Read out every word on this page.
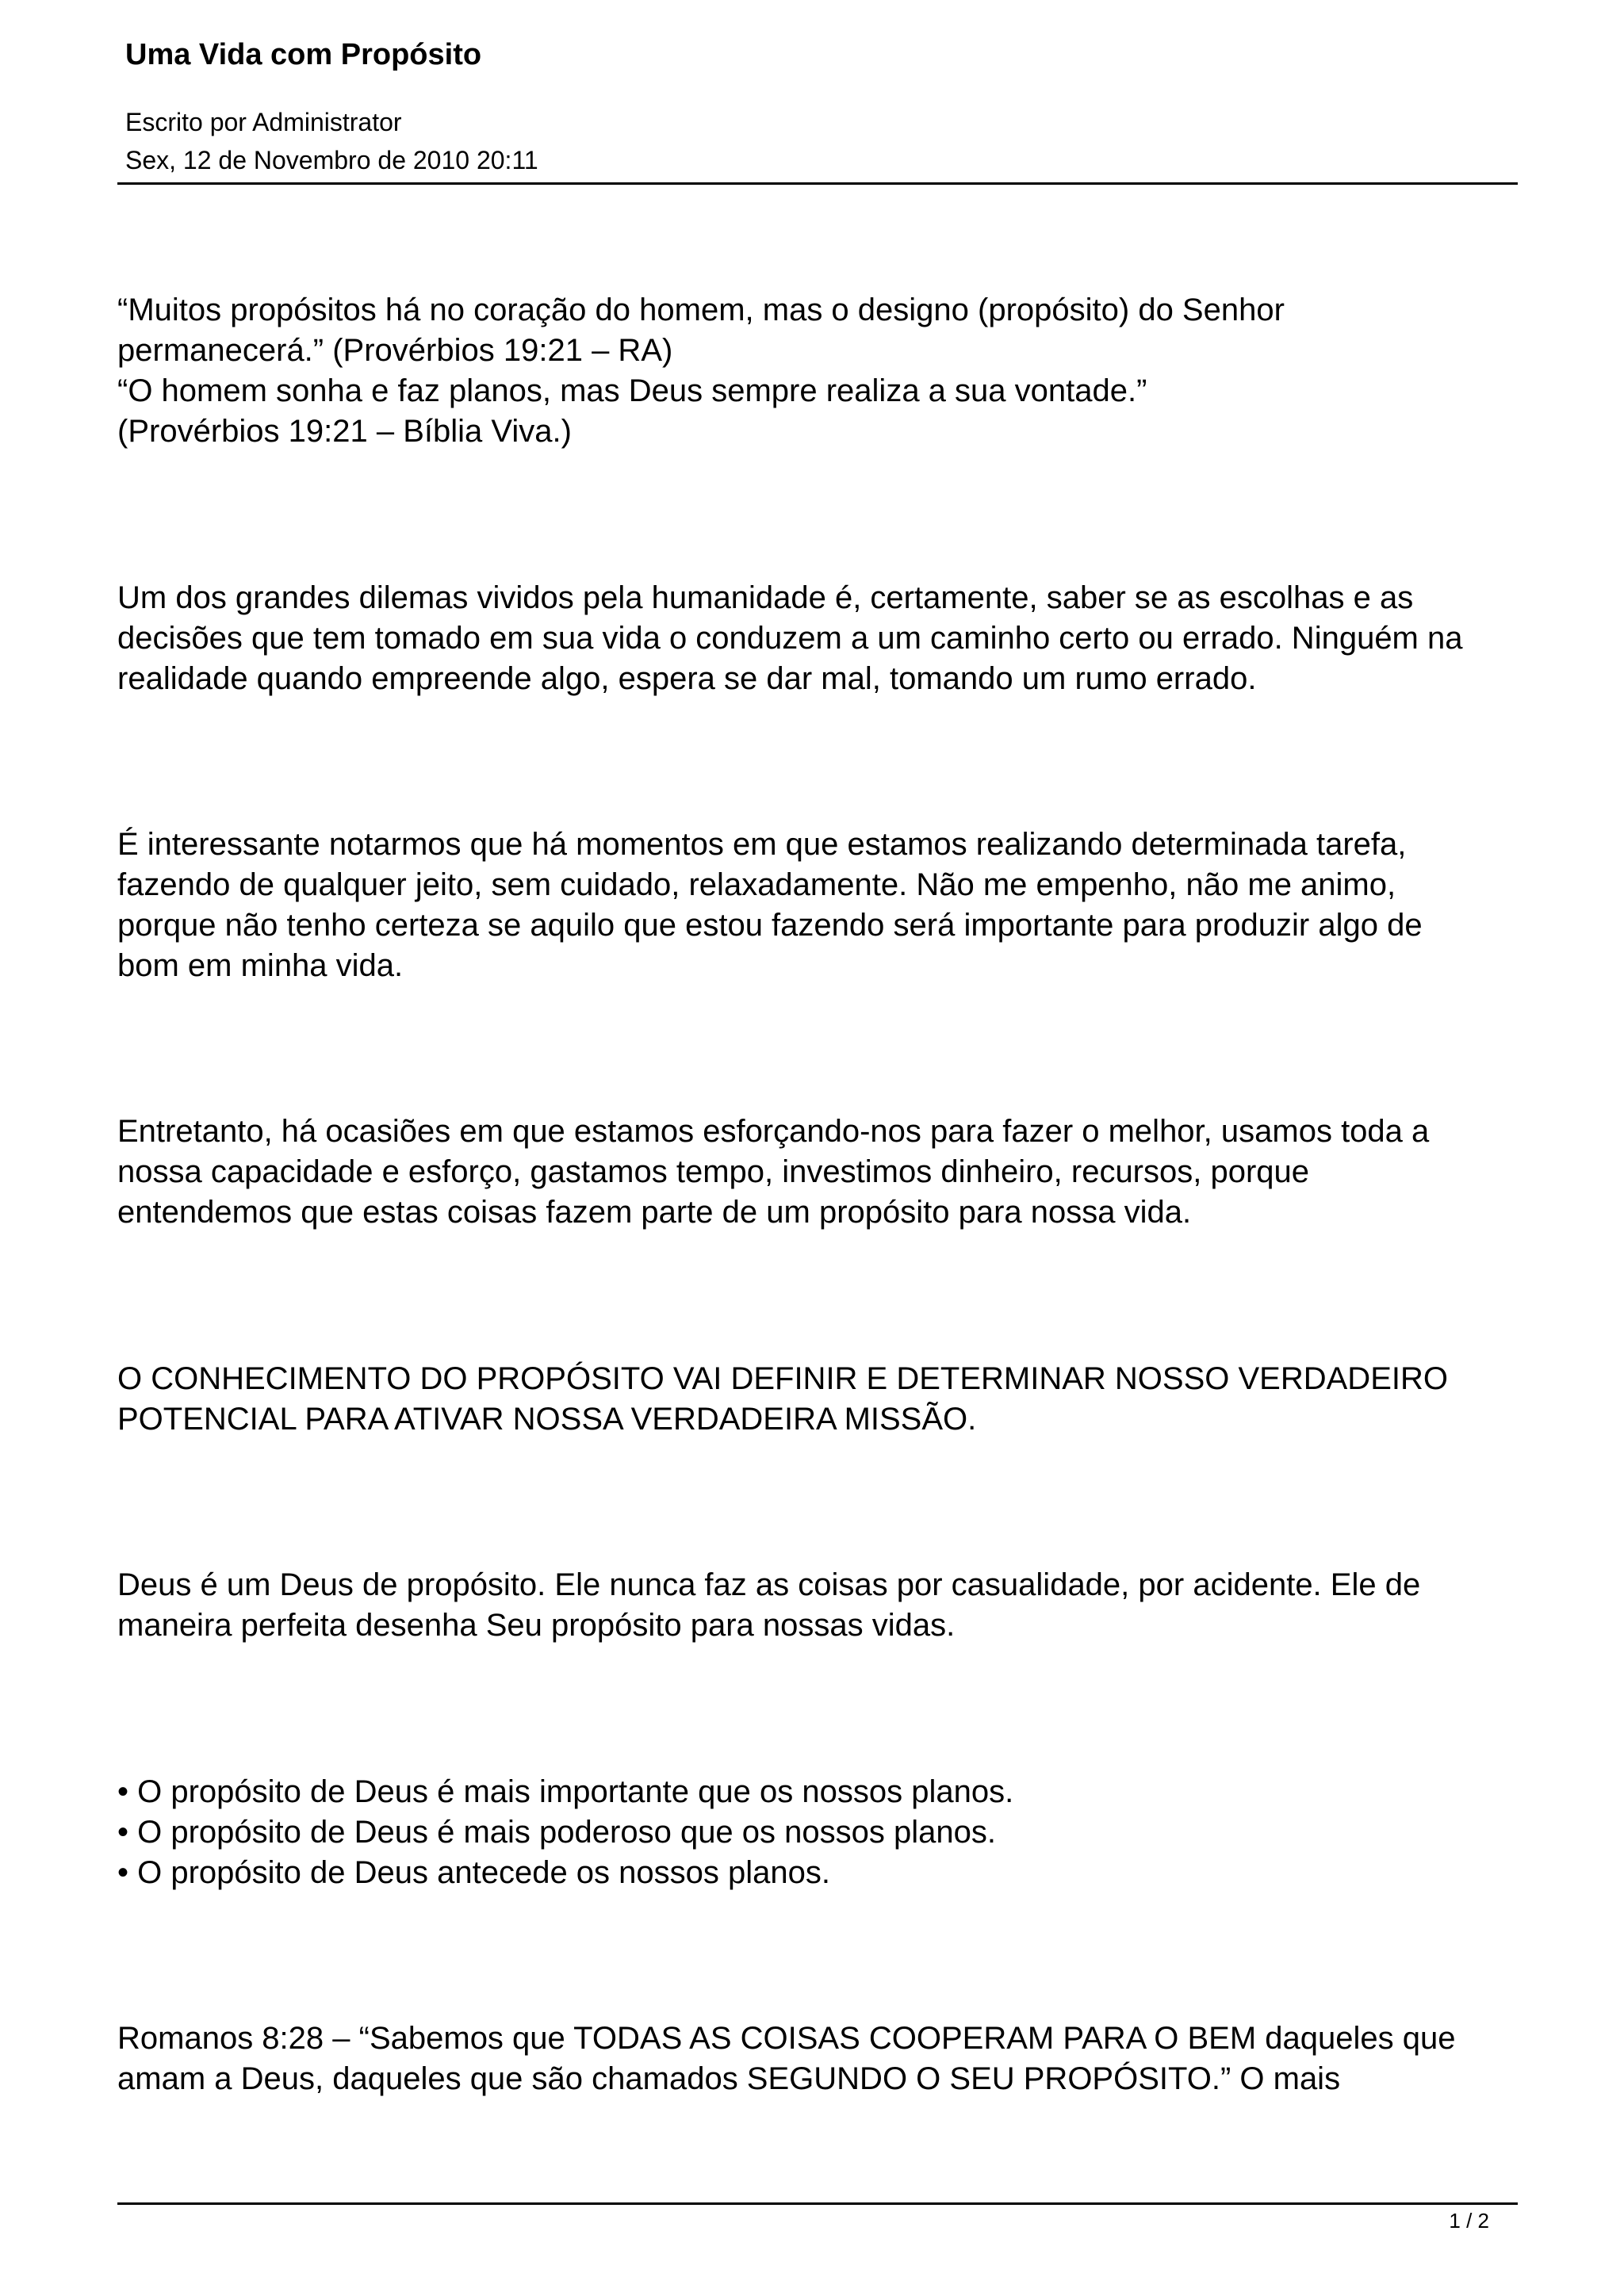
Uma Vida com Propósito
Escrito por Administrator
Sex, 12 de Novembro de 2010 20:11
“Muitos propósitos há no coração do homem, mas o designo (propósito) do Senhor
permanecerá.” (Provérbios 19:21 – RA)
“O homem sonha e faz planos, mas Deus sempre realiza a sua vontade.”
(Provérbios 19:21 – Bíblia Viva.)
Um dos grandes dilemas vividos pela humanidade é, certamente, saber se as escolhas e as
decisões que tem tomado em sua vida o conduzem a um caminho certo ou errado. Ninguém na
realidade quando empreende algo, espera se dar mal, tomando um rumo errado.
É interessante notarmos que há momentos em que estamos realizando determinada tarefa,
fazendo de qualquer jeito, sem cuidado, relaxadamente. Não me empenho, não me animo,
porque não tenho certeza se aquilo que estou fazendo será importante para produzir algo de
bom em minha vida.
Entretanto, há ocasiões em que estamos esforçando-nos para fazer o melhor, usamos toda a
nossa capacidade e esforço, gastamos tempo, investimos dinheiro, recursos, porque
entendemos que estas coisas fazem parte de um propósito para nossa vida.
O CONHECIMENTO DO PROPÓSITO VAI DEFINIR E DETERMINAR NOSSO VERDADEIRO
POTENCIAL PARA ATIVAR NOSSA VERDADEIRA MISSÃO.
Deus é um Deus de propósito. Ele nunca faz as coisas por casualidade, por acidente. Ele de
maneira perfeita desenha Seu propósito para nossas vidas.
• O propósito de Deus é mais importante que os nossos planos.
• O propósito de Deus é mais poderoso que os nossos planos.
• O propósito de Deus antecede os nossos planos.
Romanos 8:28 – “Sabemos que TODAS AS COISAS COOPERAM PARA O BEM daqueles que
amam a Deus, daqueles que são chamados SEGUNDO O SEU PROPÓSITO.” O mais
1 / 2
